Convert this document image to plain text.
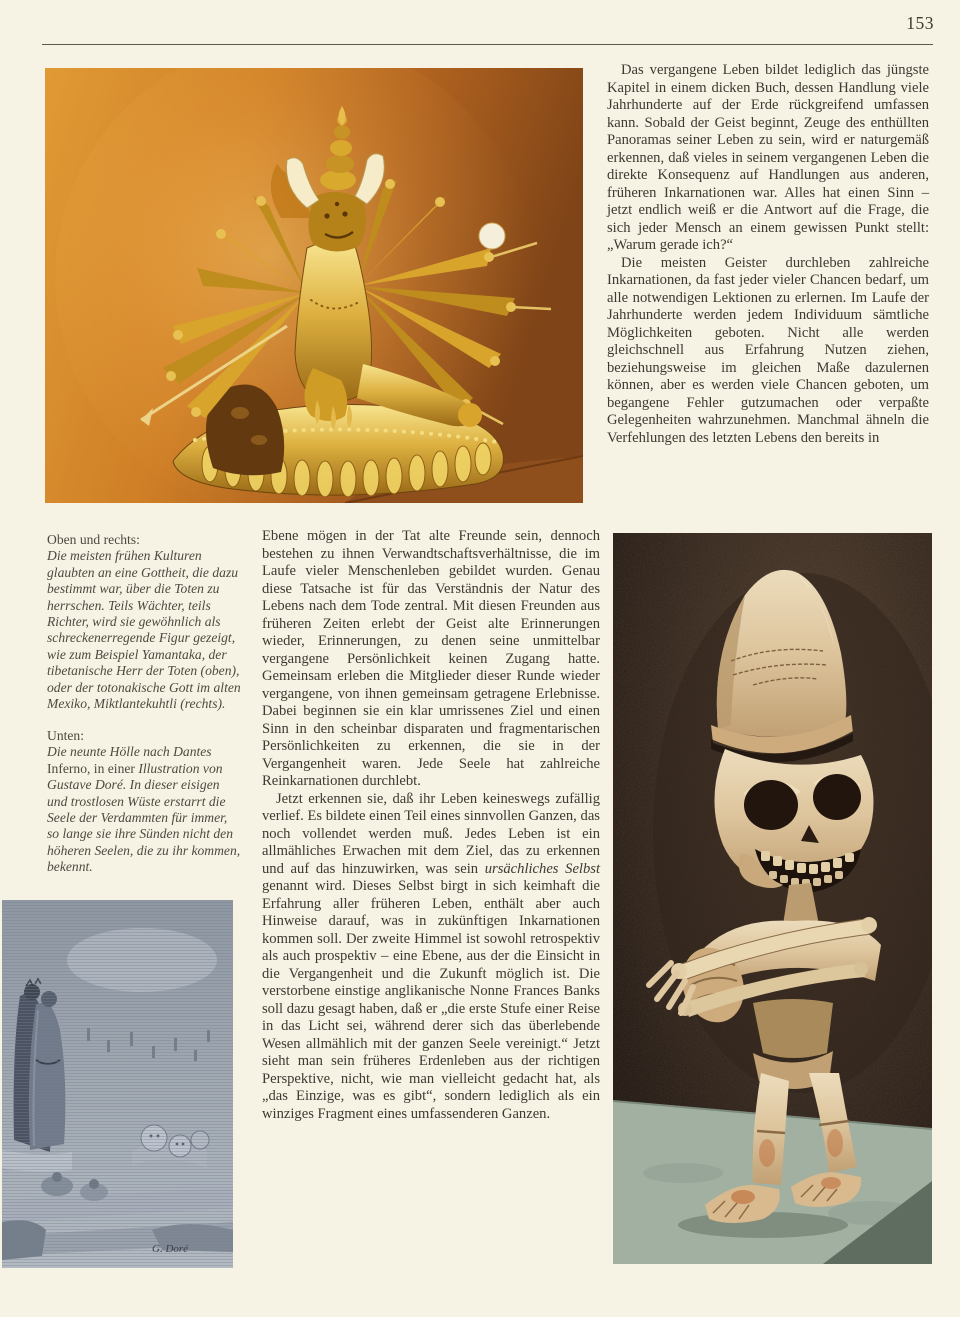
153

Das vergangene Leben bildet lediglich das jüngste Kapitel in einem dicken Buch, dessen Handlung viele Jahrhunderte auf der Erde rückgreifend umfassen kann. Sobald der Geist beginnt, Zeuge des enthüllten Panoramas seiner Leben zu sein, wird er naturgemäß erkennen, daß vieles in seinem vergangenen Leben die direkte Konsequenz auf Handlungen aus anderen, früheren Inkarnationen war. Alles hat einen Sinn – jetzt endlich weiß er die Antwort auf die Frage, die sich jeder Mensch an einem gewissen Punkt stellt: „Warum gerade ich?“

Die meisten Geister durchleben zahlreiche Inkarnationen, da fast jeder vieler Chancen bedarf, um alle notwendigen Lektionen zu erlernen. Im Laufe der Jahrhunderte werden jedem Individuum sämtliche Möglichkeiten geboten. Nicht alle werden gleichschnell aus Erfahrung Nutzen ziehen, beziehungsweise im gleichen Maße dazulernen können, aber es werden viele Chancen geboten, um begangene Fehler gutzumachen oder verpaßte Gelegenheiten wahrzunehmen. Manchmal ähneln die Verfehlungen des letzten Lebens den bereits in

Oben und rechts:
Die meisten frühen Kulturen glaubten an eine Gottheit, die dazu bestimmt war, über die Toten zu herrschen. Teils Wächter, teils Richter, wird sie gewöhnlich als schreckenerregende Figur gezeigt, wie zum Beispiel Yamantaka, der tibetanische Herr der Toten (oben), oder der totonakische Gott im alten Mexiko, Miktlantekuhtli (rechts).
Unten:
Die neunte Hölle nach Dantes Inferno, in einer Illustration von Gustave Doré. In dieser eisigen und trostlosen Wüste erstarrt die Seele der Verdammten für immer, so lange sie ihre Sünden nicht den höheren Seelen, die zu ihr kommen, bekennt.

Ebene mögen in der Tat alte Freunde sein, dennoch bestehen zu ihnen Verwandtschaftsverhältnisse, die im Laufe vieler Menschenleben gebildet wurden. Genau diese Tatsache ist für das Verständnis der Natur des Lebens nach dem Tode zentral. Mit diesen Freunden aus früheren Zeiten erlebt der Geist alte Erinnerungen wieder, Erinnerungen, zu denen seine unmittelbar vergangene Persönlichkeit keinen Zugang hatte. Gemeinsam erleben die Mitglieder dieser Runde wieder vergangene, von ihnen gemeinsam getragene Erlebnisse. Dabei beginnen sie ein klar umrissenes Ziel und einen Sinn in den scheinbar disparaten und fragmentarischen Persönlichkeiten zu erkennen, die sie in der Vergangenheit waren. Jede Seele hat zahlreiche Reinkarnationen durchlebt.

Jetzt erkennen sie, daß ihr Leben keineswegs zufällig verlief. Es bildete einen Teil eines sinnvollen Ganzen, das noch vollendet werden muß. Jedes Leben ist ein allmähliches Erwachen mit dem Ziel, das zu erkennen und auf das hinzuwirken, was sein ursächliches Selbst genannt wird. Dieses Selbst birgt in sich keimhaft die Erfahrung aller früheren Leben, enthält aber auch Hinweise darauf, was in zukünftigen Inkarnationen kommen soll. Der zweite Himmel ist sowohl retrospektiv als auch prospektiv – eine Ebene, aus der die Einsicht in die Vergangenheit und die Zukunft möglich ist. Die verstorbene einstige anglikanische Nonne Frances Banks soll dazu gesagt haben, daß er „die erste Stufe einer Reise in das Licht sei, während derer sich das überlebende Wesen allmählich mit der ganzen Seele vereinigt.“ Jetzt sieht man sein früheres Erdenleben aus der richtigen Perspektive, nicht, wie man vielleicht gedacht hat, als „das Einzige, was es gibt“, sondern lediglich als ein winziges Fragment eines umfassenderen Ganzen.

G. Doré
